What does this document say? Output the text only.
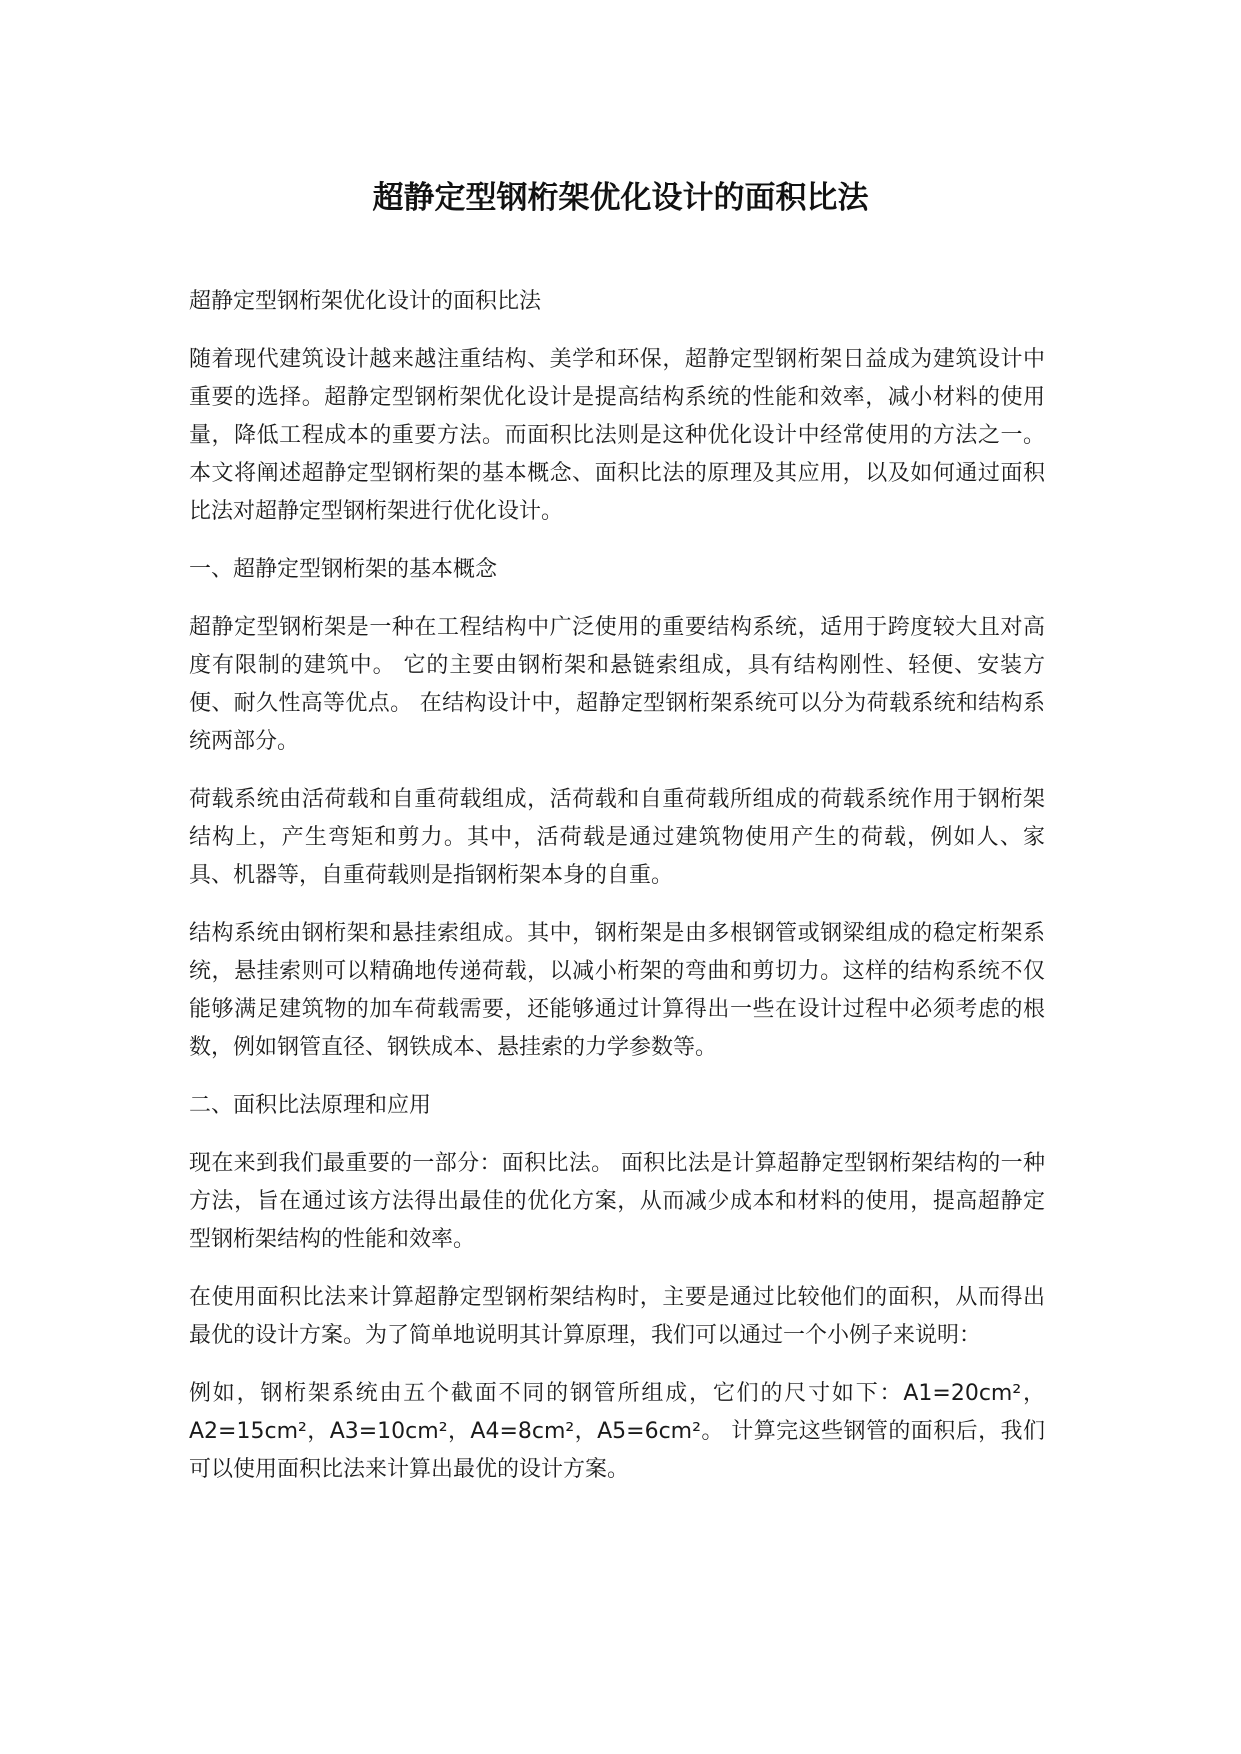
超静定型钢桁架优化设计的面积比法

超静定型钢桁架优化设计的面积比法

随着现代建筑设计越来越注重结构、美学和环保，超静定型钢桁架日益成为建筑设计中重要的选择。超静定型钢桁架优化设计是提高结构系统的性能和效率，减小材料的使用量，降低工程成本的重要方法。而面积比法则是这种优化设计中经常使用的方法之一。本文将阐述超静定型钢桁架的基本概念、面积比法的原理及其应用，以及如何通过面积比法对超静定型钢桁架进行优化设计。

一、超静定型钢桁架的基本概念

超静定型钢桁架是一种在工程结构中广泛使用的重要结构系统，适用于跨度较大且对高度有限制的建筑中。 它的主要由钢桁架和悬链索组成，具有结构刚性、轻便、安装方便、耐久性高等优点。 在结构设计中，超静定型钢桁架系统可以分为荷载系统和结构系统两部分。

荷载系统由活荷载和自重荷载组成，活荷载和自重荷载所组成的荷载系统作用于钢桁架结构上，产生弯矩和剪力。其中，活荷载是通过建筑物使用产生的荷载，例如人、家具、机器等，自重荷载则是指钢桁架本身的自重。

结构系统由钢桁架和悬挂索组成。其中，钢桁架是由多根钢管或钢梁组成的稳定桁架系统，悬挂索则可以精确地传递荷载，以减小桁架的弯曲和剪切力。这样的结构系统不仅能够满足建筑物的加车荷载需要，还能够通过计算得出一些在设计过程中必须考虑的根数，例如钢管直径、钢铁成本、悬挂索的力学参数等。

二、面积比法原理和应用

现在来到我们最重要的一部分：面积比法。 面积比法是计算超静定型钢桁架结构的一种方法，旨在通过该方法得出最佳的优化方案，从而减少成本和材料的使用，提高超静定型钢桁架结构的性能和效率。

在使用面积比法来计算超静定型钢桁架结构时，主要是通过比较他们的面积，从而得出最优的设计方案。为了简单地说明其计算原理，我们可以通过一个小例子来说明：

例如，钢桁架系统由五个截面不同的钢管所组成，它们的尺寸如下：A1=20cm²，A2=15cm²，A3=10cm²，A4=8cm²，A5=6cm²。 计算完这些钢管的面积后，我们可以使用面积比法来计算出最优的设计方案。
